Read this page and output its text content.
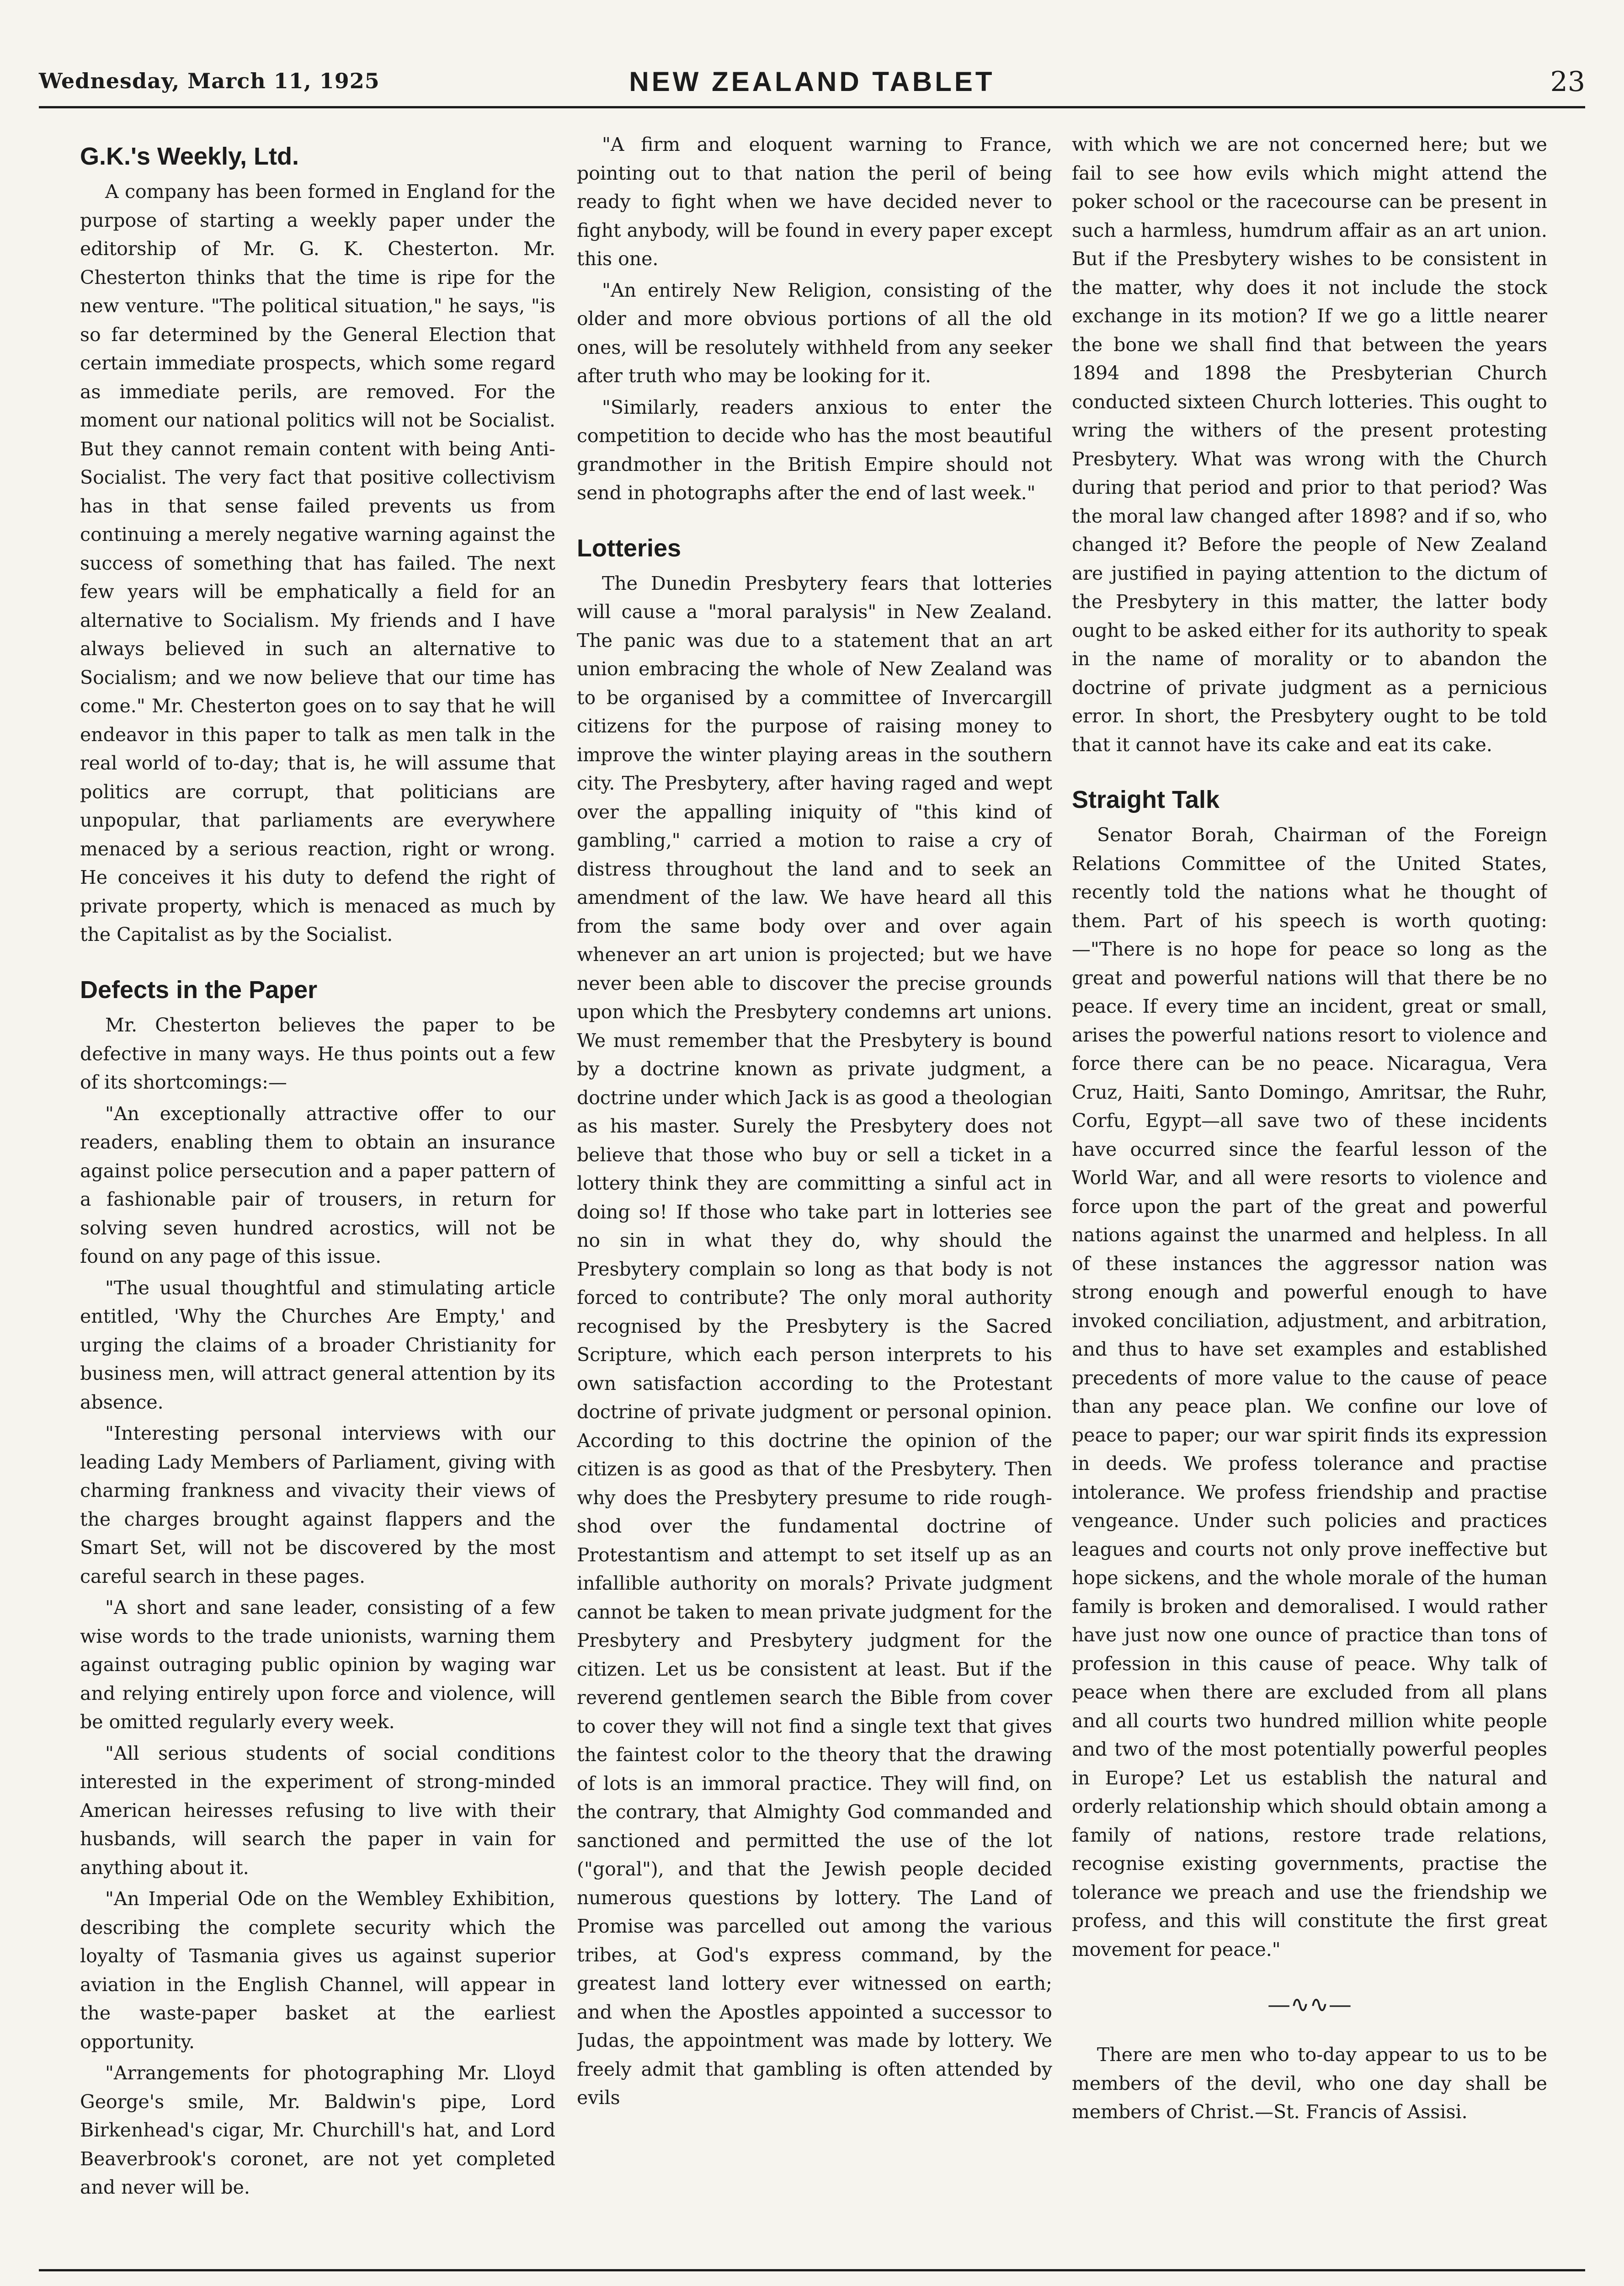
Wednesday, March 11, 1925	NEW ZEALAND TABLET	23
G.K.'s Weekly, Ltd.

A company has been formed in England for the purpose of starting a weekly paper under the editorship of Mr. G. K. Chesterton. Mr. Chesterton thinks that the time is ripe for the new venture. "The political situation," he says, "is so far determined by the General Election that certain immediate prospects, which some regard as immediate perils, are removed. For the moment our national politics will not be Socialist. But they cannot remain content with being Anti-Socialist. The very fact that positive collectivism has in that sense failed prevents us from continuing a merely negative warning against the success of something that has failed. The next few years will be emphatically a field for an alternative to Socialism. My friends and I have always believed in such an alternative to Socialism; and we now believe that our time has come." Mr. Chesterton goes on to say that he will endeavor in this paper to talk as men talk in the real world of to-day; that is, he will assume that politics are corrupt, that politicians are unpopular, that parliaments are everywhere menaced by a serious reaction, right or wrong. He conceives it his duty to defend the right of private property, which is menaced as much by the Capitalist as by the Socialist.

Defects in the Paper

Mr. Chesterton believes the paper to be defective in many ways. He thus points out a few of its shortcomings:—

"An exceptionally attractive offer to our readers, enabling them to obtain an insurance against police persecution and a paper pattern of a fashionable pair of trousers, in return for solving seven hundred acrostics, will not be found on any page of this issue.

"The usual thoughtful and stimulating article entitled, 'Why the Churches Are Empty,' and urging the claims of a broader Christianity for business men, will attract general attention by its absence.

"Interesting personal interviews with our leading Lady Members of Parliament, giving with charming frankness and vivacity their views of the charges brought against flappers and the Smart Set, will not be discovered by the most careful search in these pages.

"A short and sane leader, consisting of a few wise words to the trade unionists, warning them against outraging public opinion by waging war and relying entirely upon force and violence, will be omitted regularly every week.

"All serious students of social conditions interested in the experiment of strong-minded American heiresses refusing to live with their husbands, will search the paper in vain for anything about it.

"An Imperial Ode on the Wembley Exhibition, describing the complete security which the loyalty of Tasmania gives us against superior aviation in the English Channel, will appear in the waste-paper basket at the earliest opportunity.

"Arrangements for photographing Mr. Lloyd George's smile, Mr. Baldwin's pipe, Lord Birkenhead's cigar, Mr. Churchill's hat, and Lord Beaverbrook's coronet, are not yet completed and never will be.

"A firm and eloquent warning to France, pointing out to that nation the peril of being ready to fight when we have decided never to fight anybody, will be found in every paper except this one.

"An entirely New Religion, consisting of the older and more obvious portions of all the old ones, will be resolutely withheld from any seeker after truth who may be looking for it.

"Similarly, readers anxious to enter the competition to decide who has the most beautiful grandmother in the British Empire should not send in photographs after the end of last week."

Lotteries

The Dunedin Presbytery fears that lotteries will cause a "moral paralysis" in New Zealand. The panic was due to a statement that an art union embracing the whole of New Zealand was to be organised by a committee of Invercargill citizens for the purpose of raising money to improve the winter playing areas in the southern city. The Presbytery, after having raged and wept over the appalling iniquity of "this kind of gambling," carried a motion to raise a cry of distress throughout the land and to seek an amendment of the law. We have heard all this from the same body over and over again whenever an art union is projected; but we have never been able to discover the precise grounds upon which the Presbytery condemns art unions. We must remember that the Presbytery is bound by a doctrine known as private judgment, a doctrine under which Jack is as good a theologian as his master. Surely the Presbytery does not believe that those who buy or sell a ticket in a lottery think they are committing a sinful act in doing so! If those who take part in lotteries see no sin in what they do, why should the Presbytery complain so long as that body is not forced to contribute? The only moral authority recognised by the Presbytery is the Sacred Scripture, which each person interprets to his own satisfaction according to the Protestant doctrine of private judgment or personal opinion. According to this doctrine the opinion of the citizen is as good as that of the Presbytery. Then why does the Presbytery presume to ride rough-shod over the fundamental doctrine of Protestantism and attempt to set itself up as an infallible authority on morals? Private judgment cannot be taken to mean private judgment for the Presbytery and Presbytery judgment for the citizen. Let us be consistent at least. But if the reverend gentlemen search the Bible from cover to cover they will not find a single text that gives the faintest color to the theory that the drawing of lots is an immoral practice. They will find, on the contrary, that Almighty God commanded and sanctioned and permitted the use of the lot ("goral"), and that the Jewish people decided numerous questions by lottery. The Land of Promise was parcelled out among the various tribes, at God's express command, by the greatest land lottery ever witnessed on earth; and when the Apostles appointed a successor to Judas, the appointment was made by lottery. We freely admit that gambling is often attended by evils

with which we are not concerned here; but we fail to see how evils which might attend the poker school or the racecourse can be present in such a harmless, humdrum affair as an art union. But if the Presbytery wishes to be consistent in the matter, why does it not include the stock exchange in its motion? If we go a little nearer the bone we shall find that between the years 1894 and 1898 the Presbyterian Church conducted sixteen Church lotteries. This ought to wring the withers of the present protesting Presbytery. What was wrong with the Church during that period and prior to that period? Was the moral law changed after 1898? and if so, who changed it? Before the people of New Zealand are justified in paying attention to the dictum of the Presbytery in this matter, the latter body ought to be asked either for its authority to speak in the name of morality or to abandon the doctrine of private judgment as a pernicious error. In short, the Presbytery ought to be told that it cannot have its cake and eat its cake.

Straight Talk

Senator Borah, Chairman of the Foreign Relations Committee of the United States, recently told the nations what he thought of them. Part of his speech is worth quoting:—"There is no hope for peace so long as the great and powerful nations will that there be no peace. If every time an incident, great or small, arises the powerful nations resort to violence and force there can be no peace. Nicaragua, Vera Cruz, Haiti, Santo Domingo, Amritsar, the Ruhr, Corfu, Egypt—all save two of these incidents have occurred since the fearful lesson of the World War, and all were resorts to violence and force upon the part of the great and powerful nations against the unarmed and helpless. In all of these instances the aggressor nation was strong enough and powerful enough to have invoked conciliation, adjustment, and arbitration, and thus to have set examples and established precedents of more value to the cause of peace than any peace plan. We confine our love of peace to paper; our war spirit finds its expression in deeds. We profess tolerance and practise intolerance. We profess friendship and practise vengeance. Under such policies and practices leagues and courts not only prove ineffective but hope sickens, and the whole morale of the human family is broken and demoralised. I would rather have just now one ounce of practice than tons of profession in this cause of peace. Why talk of peace when there are excluded from all plans and all courts two hundred million white people and two of the most potentially powerful peoples in Europe? Let us establish the natural and orderly relationship which should obtain among a family of nations, restore trade relations, recognise existing governments, practise the tolerance we preach and use the friendship we profess, and this will constitute the first great movement for peace."

—∿∿—

There are men who to-day appear to us to be members of the devil, who one day shall be members of Christ.—St. Francis of Assisi.
